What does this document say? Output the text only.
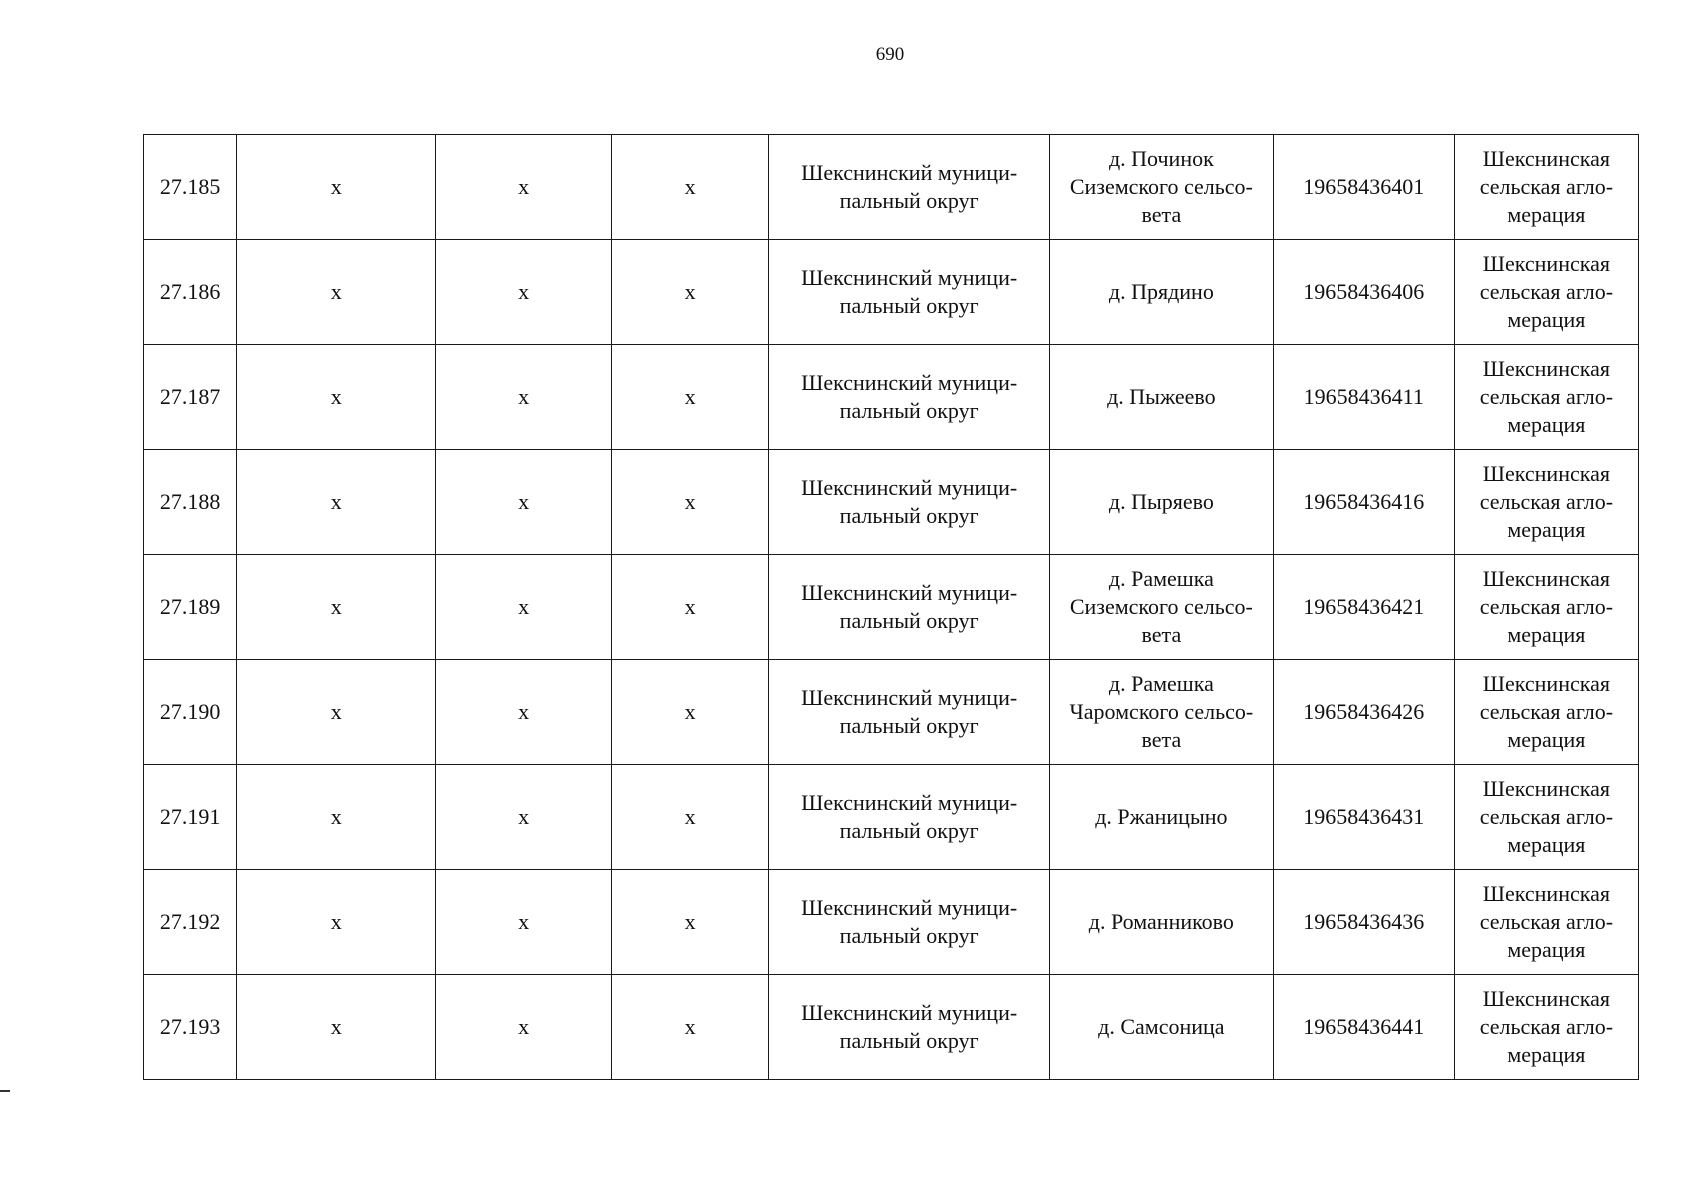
690
27.185	x	x	x	Шекснинский муници-
пальный округ	д. Починок
Сиземского сельсо-
вета	19658436401	Шекснинская
сельская агло-
мерация
27.186	x	x	x	Шекснинский муници-
пальный округ	д. Прядино	19658436406	Шекснинская
сельская агло-
мерация
27.187	x	x	x	Шекснинский муници-
пальный округ	д. Пыжеево	19658436411	Шекснинская
сельская агло-
мерация
27.188	x	x	x	Шекснинский муници-
пальный округ	д. Пыряево	19658436416	Шекснинская
сельская агло-
мерация
27.189	x	x	x	Шекснинский муници-
пальный округ	д. Рамешка
Сиземского сельсо-
вета	19658436421	Шекснинская
сельская агло-
мерация
27.190	x	x	x	Шекснинский муници-
пальный округ	д. Рамешка
Чаромского сельсо-
вета	19658436426	Шекснинская
сельская агло-
мерация
27.191	x	x	x	Шекснинский муници-
пальный округ	д. Ржаницыно	19658436431	Шекснинская
сельская агло-
мерация
27.192	x	x	x	Шекснинский муници-
пальный округ	д. Романниково	19658436436	Шекснинская
сельская агло-
мерация
27.193	x	x	x	Шекснинский муници-
пальный округ	д. Самсоница	19658436441	Шекснинская
сельская агло-
мерация
